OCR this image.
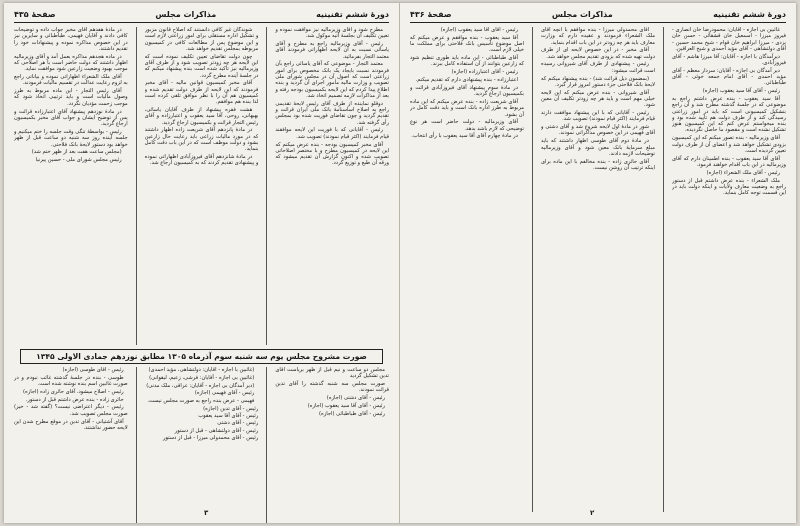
دورهٔ ششم تقنینیه
مذاکرات مجلس
صفحهٔ ۴۳۵

مطرح شود و آقای وزیرمالیه نیز موافقت نموده و تعیین تکلیف آن بجلسهٔ آتیه موکول شد.

رئیس - آقای وزیرمالیه راجع به مطرح و آقای یاسائی نسبت به آن لایحه اظهاراتی فرمودند آقای معتمد التجار بفرمائید.

معتمد التجار - موضوعی که آقای یاسائی راجع بآن فرمودند نسبت بایجاد یک بانک مخصوص برای امور زراعتی است که اصول آن در مجلس شورای ملی تصویب و وزارت مالیه مأمور اجرای آن گردید و بنده اطلاع پیدا کردم که این لایحه بکمیسیون بودجه رفته و بعد از مذاکرات لازمه تصمیم اتخاذ شد.

دوقلو نماینده از طرف آقای رئیس لایحهٔ تقدیمی راجع به اصلاح اساسنامهٔ بانک ملی ایران قرائت و تقدیم گردید و چون تقاضای فوریت شده بود بمجلس رأی گرفته شد.

رئیس - آقایانی که با فوریت این لایحه موافقند قیام فرمایند (اکثر قیام نمودند) تصویب شد.

آقای مخبر کمیسیون بودجه - بنده عرض میکنم که این لایحه در کمیسیون مطرح و با مختصر اصلاحاتی تصویب شده و اکنون گزارش آن تقدیم میشود که ورقه آن طبع و توزیع گردد.

شوندگان غیر کافی دانستند که اصلاح قانون مزبور و تشکیل اداره مستقلی برای امور زراعتی لازم است و این موضوع پس از مطالعات کافی در کمیسیون مربوطه بمجلس تقدیم خواهد شد.

چون دولت تقاضای تعیین تکلیف نموده است که این لایحه هر چه زودتر تصویب شود و از طرف آقای وزیرمالیه نیز تأکید شده است بنده پیشنهاد میکنم که در جلسهٔ آینده مطرح گردد.

آقای مخبر کمیسیون قوانین مالیه - آقای مخبر فرمودند که این لایحه از طرف دولت تقدیم شده و کمیسیون هم آن را با نظر موافق تلقی کرده است لذا بنده هم موافقم.

هشت فقره پیشنهاد از طرف آقایان یاسائی، بهبهانی، روحی، آقا سید یعقوب و اعتبارزاده و آقای رئیس التجار قرائت و بکمیسیون ارجاع گردید.

در مادهٔ پانزدهم آقای شریعت زاده اظهار داشتند که در مورد مالیات زراعی باید رعایت حال زارعین بشود و دولت موظف است که در این باب دقت کامل بنماید.

در مادهٔ شانزدهم آقای فیروزآبادی اظهاراتی نموده و پیشنهادی تقدیم کردند که به کمیسیون ارجاع شد.

در مادهٔ هفدهم آقای مخبر جواب داده و توضیحات کافی دادند و آقایان فهیمی، طباطبائی و سایرین نیز در این خصوص مذاکره نموده و پیشنهادات خود را تقدیم داشتند.

در ماده هجدهم مذاکره بعمل آمد و آقای وزیرمالیه اظهار داشتند که دولت حاضر است با هر اصلاحی که موجب بهبود وضعیت زارعین شود موافقت نماید.

آقای ملک الشعراء اظهاراتی نموده و بیاناتی راجع به لزوم رعایت عدالت در تقسیم مالیات فرمودند.

آقای رئیس التجار - این ماده مربوط به طرز وصول مالیات است و باید ترتیبی اتخاذ شود که موجب زحمت مؤدیان نگردد.

در مادهٔ نوزدهم پیشنهاد آقای اعتبارزاده قرائت و پس از توضیح ایشان و جواب آقای مخبر بکمیسیون ارجاع گردید.

رئیس - بواسطهٔ تنگی وقت جلسه را ختم میکنیم و جلسه آینده روز سه شنبه دو ساعت قبل از ظهر خواهد بود دستور لایحهٔ بانک فلاحتی.

(مجلس ساعت هفت بعد از ظهر ختم شد)

رئیس مجلس شورای ملی - حسین پیرنیا

صورت مشروح مجلس یوم سه شنبه سوم آذرماه ۱۳۰۵ مطابق نوزدهم جمادی الاولی ۱۳۴۵

مجلس دو ساعت و نیم قبل از ظهر بریاست آقای تدین تشکیل گردید

صورت مجلس سه شنبه گذشته را آقای تدین قرائت نمودند.

رئیس - آقای دشتی (اجازه)

رئیس - آقای آقا سید یعقوب (اجازه)

رئیس - آقای طباطبائی (اجازه)

(غائبین با اجازه - آقایان: دولتشاهی، مؤید احمدی)

(غائبین بی اجازه - آقایان: فرشی، زعیم، لیقوانی)

(دیر آمدگان بی اجازه - آقایان: عراقی، ملک مدنی)

رئیس - آقای فهیمی (اجازه)

فهیمی - عرض بنده راجع به صورت مجلس نیست.

رئیس - آقای تدین (اجازه)
رئیس - آقای آقا سید یعقوب
رئیس - آقای دشتی
رئیس - آقای دولتشاهی - قبل از دستور
رئیس - آقای محمدولی میرزا - قبل از دستور

رئیس - آقای طوسی (اجازه)

طوسی - بنده در جلسهٔ گذشته غائب نبودم و در صورت غائبین اسم بنده نوشته شده است.

رئیس - اصلاح میشود. آقای حائری زاده (اجازه)

حائری زاده - بنده عرض داشتم قبل از دستور.

رئیس - دیگر اعتراضی نیست؟ (گفته شد - خیر) صورت مجلس تصویب شد.

آقای آشتیانی - آقای تدین در موقع مطرح شدن این لایحه حضور نداشتند.

۳
دورهٔ ششم تقنینیه
مذاکرات مجلس
صفحهٔ ۴۳۶

غائبین بی اجازه - آقایان: محمودرضا خان انصاری - فیروز میرزا - اسمعیل خان قشقائی - حسن خان یزدی - میرزا ابراهیم خان قوام - شیخ محمد حسین - آقای دولتشاهی - آقای مؤید احمدی و شیخ العراقین.

دیرآمدگان با اجازه - آقایان: آقا میرزا هاشم - آقای فیروزآبادی.

دیر آمدگان بی اجازه - آقایان: سردار معظم - آقای مؤید احمدی - آقای امام جمعه خوئی - آقای طباطبائی.

رئیس - آقای آقا سید یعقوب (اجازه)

آقا سید یعقوب - بنده عرض داشتم راجع به موضوعی که در جلسهٔ گذشته مطرح شد و آن راجع بتشکیل کمیسیونی است که باید در امور زراعتی رسیدگی کند و از طرف دولت هم تأیید شده بود و بنده میخواستم عرض کنم که این کمیسیون هنوز تشکیل نشده است و مقصود ما حاصل نگردیده.

آقای وزیرمالیه - بنده تصور میکنم که این کمیسیون بزودی تشکیل خواهد شد و اعضای آن از طرف دولت تعیین گردیده است.

آقای آقا سید یعقوب - بنده اطمینان دارم که آقای وزیرمالیه در این باب اقدام خواهند فرمود.

رئیس - آقای ملک الشعراء (اجازه)

ملک الشعراء - بنده عرض داشتم قبل از دستور راجع به وضعیت معارف ولایات و اینکه دولت باید در این قسمت توجه کامل بنماید.

آقای محمدولی میرزا - بنده موافقم با آنچه آقای ملک الشعراء فرمودند و عقیده دارم که وزارت معارف باید هر چه زودتر در این باب اقدام بنماید.

آقای مخبر - در این خصوص لایحه ای از طرف دولت تهیه شده که بزودی تقدیم مجلس خواهد شد.

رئیس - پیشنهادی از طرف آقای شیروانی رسیده است قرائت میشود:

(بمضمون ذیل قرائت شد) - بنده پیشنهاد میکنم که لایحهٔ بانک فلاحتی جزء دستور امروز قرار گیرد.

آقای شیروانی - بنده عرض میکنم که این لایحه خیلی مهم است و باید هر چه زودتر تکلیف آن معین شود.

رئیس - آقایانی که با این پیشنهاد موافقت دارند قیام فرمایند (اکثر قیام نمودند) تصویب شد.

شور در مادهٔ اول لایحه شروع شد و آقای دشتی و آقای فهیمی در این خصوص مذاکراتی نمودند.

در مادهٔ دوم آقای طوسی اظهار داشتند که باید مبلغ سرمایهٔ بانک معین شود و آقای وزیرمالیه توضیحات لازمه دادند.

آقای حائری زاده - بنده مخالفم با این ماده برای اینکه ترتیب آن روشن نیست.

رئیس - آقای آقا سید یعقوب (اجازه)

آقا سید یعقوب - بنده موافقم و عرض میکنم که اصل موضوع تأسیس بانک فلاحتی برای مملکت ما خیلی لازم است.

آقای طباطبائی - این ماده باید طوری تنظیم شود که زارعین بتوانند از آن استفاده کامل ببرند.

رئیس - آقای اعتبارزاده (اجازه)

اعتبارزاده - بنده پیشنهادی دارم که تقدیم میکنم.

در مادهٔ سوم پیشنهاد آقای فیروزآبادی قرائت و بکمیسیون ارجاع گردید.

آقای شریعت زاده - بنده عرض میکنم که این ماده مربوط به طرز اداره بانک است و باید دقت کامل در آن بشود.

آقای وزیرمالیه - دولت حاضر است هر نوع توضیحی که لازم باشد بدهد.

در مادهٔ چهارم آقای آقا سید یعقوب با رأی انتخاب.

۲
